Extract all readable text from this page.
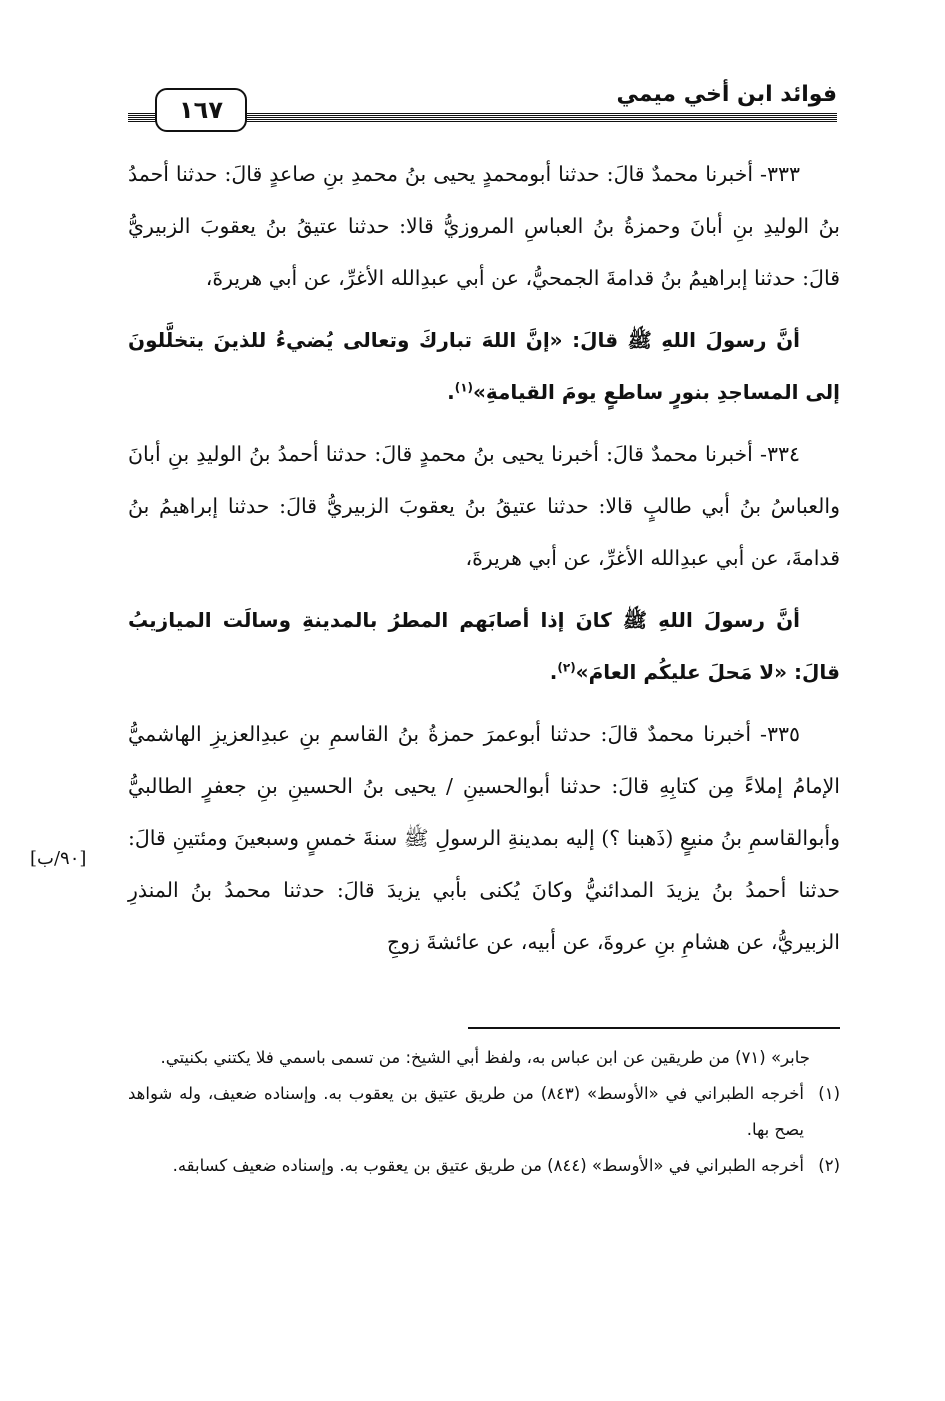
فوائد ابن أخي ميمي
١٦٧

٣٣٣- أخبرنا محمدٌ قالَ: حدثنا أبومحمدٍ يحيى بنُ محمدِ بنِ صاعدٍ قالَ: حدثنا أحمدُ بنُ الوليدِ بنِ أبانَ وحمزةُ بنُ العباسِ المروزيُّ قالا: حدثنا عتيقُ بنُ يعقوبَ الزبيريُّ قالَ: حدثنا إبراهيمُ بنُ قدامةَ الجمحيُّ، عن أبي عبدِالله الأغرِّ، عن أبي هريرةَ،

أنَّ رسولَ اللهِ ﷺ قالَ: «إنَّ اللهَ تباركَ وتعالى يُضيءُ للذينَ يتخلَّلونَ إلى المساجدِ بنورٍ ساطعٍ يومَ القيامةِ»$^{(١)}$.

٣٣٤- أخبرنا محمدٌ قالَ: أخبرنا يحيى بنُ محمدٍ قالَ: حدثنا أحمدُ بنُ الوليدِ بنِ أبانَ والعباسُ بنُ أبي طالبٍ قالا: حدثنا عتيقُ بنُ يعقوبَ الزبيريُّ قالَ: حدثنا إبراهيمُ بنُ قدامةَ، عن أبي عبدِالله الأغرِّ، عن أبي هريرةَ،

أنَّ رسولَ اللهِ ﷺ كانَ إذا أصابَهم المطرُ بالمدينةِ وسالَت الميازيبُ قالَ: «لا مَحلَ عليكُم العامَ»$^{(٢)}$.

٣٣٥- أخبرنا محمدٌ قالَ: حدثنا أبوعمرَ حمزةُ بنُ القاسمِ بنِ عبدِالعزيزِ الهاشميُّ الإمامُ إملاءً مِن كتابِهِ قالَ: حدثنا أبوالحسينِ / يحيى بنُ الحسينِ بنِ جعفرٍ الطالبيُّ وأبوالقاسمِ بنُ منيعٍ (ذَهبنا ؟) إليه بمدينةِ الرسولِ ﷺ سنةَ خمسٍ وسبعينَ ومئتينِ قالَ: حدثنا أحمدُ بنُ يزيدَ المدائنيُّ وكانَ يُكنى بأبي يزيدَ قالَ: حدثنا محمدُ بنُ المنذرِ الزبيريُّ، عن هشامِ بنِ عروةَ، عن أبيه، عن عائشةَ زوجِ

[٩٠/ب]

جابر» (٧١) من طريقين عن ابن عباس به، ولفظ أبي الشيخ: من تسمى باسمي فلا يكتني بكنيتي.

(١)
أخرجه الطبراني في «الأوسط» (٨٤٣) من طريق عتيق بن يعقوب به. وإسناده ضعيف، وله شواهد يصح بها.

(٢)
أخرجه الطبراني في «الأوسط» (٨٤٤) من طريق عتيق بن يعقوب به. وإسناده ضعيف كسابقه.
